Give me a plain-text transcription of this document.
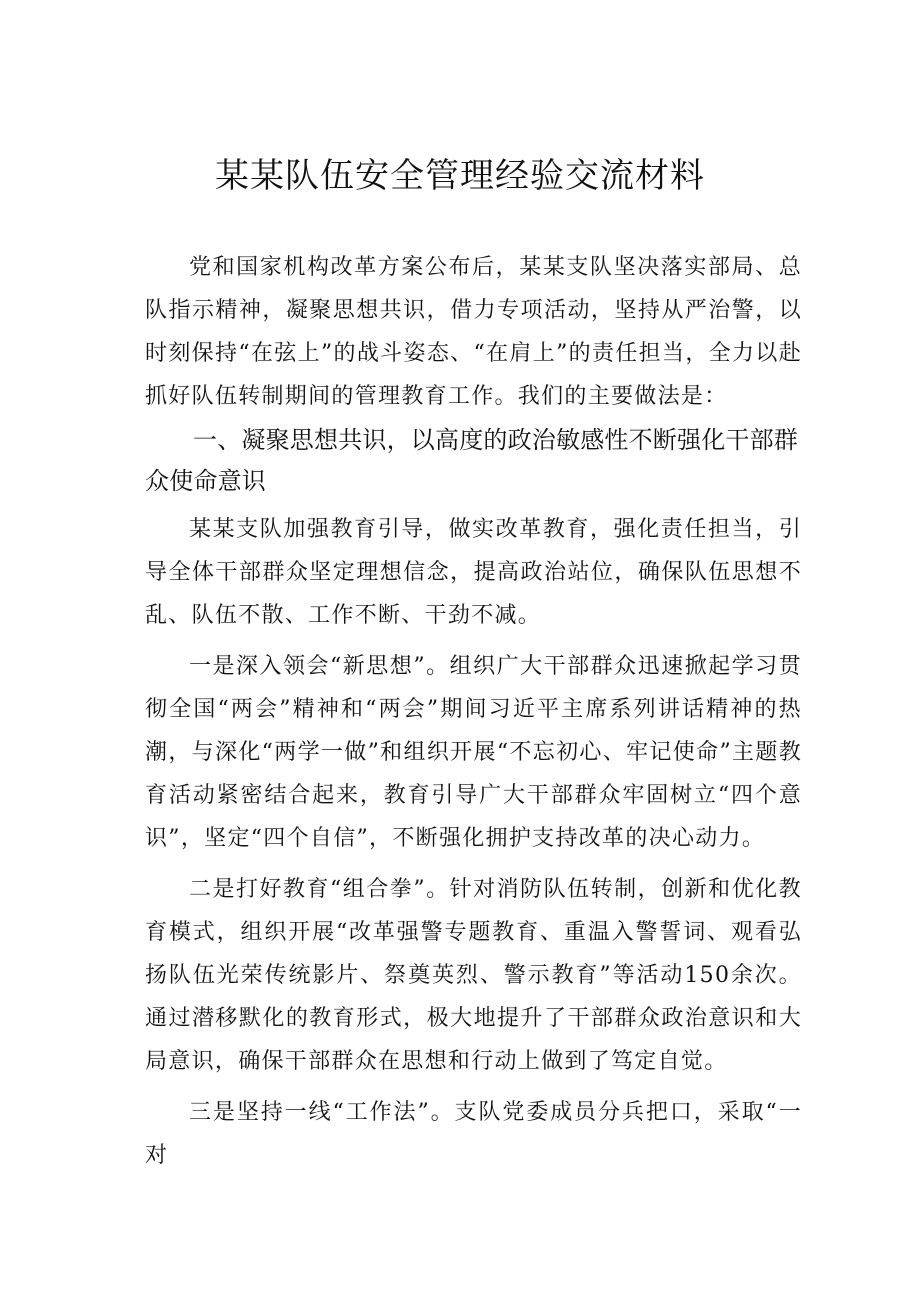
某某队伍安全管理经验交流材料

党和国家机构改革方案公布后，某某支队坚决落实部局、总队指示精神，凝聚思想共识，借力专项活动，坚持从严治警，以时刻保持“在弦上”的战斗姿态、“在肩上”的责任担当，全力以赴抓好队伍转制期间的管理教育工作。我们的主要做法是：

一、凝聚思想共识，以高度的政治敏感性不断强化干部群众使命意识

某某支队加强教育引导，做实改革教育，强化责任担当，引导全体干部群众坚定理想信念，提高政治站位，确保队伍思想不乱、队伍不散、工作不断、干劲不减。

一是深入领会“新思想”。组织广大干部群众迅速掀起学习贯彻全国“两会”精神和“两会”期间习近平主席系列讲话精神的热潮，与深化“两学一做”和组织开展“不忘初心、牢记使命”主题教育活动紧密结合起来，教育引导广大干部群众牢固树立“四个意识”，坚定“四个自信”，不断强化拥护支持改革的决心动力。

二是打好教育“组合拳”。针对消防队伍转制，创新和优化教育模式，组织开展“改革强警专题教育、重温入警誓词、观看弘扬队伍光荣传统影片、祭奠英烈、警示教育”等活动150余次。通过潜移默化的教育形式，极大地提升了干部群众政治意识和大局意识，确保干部群众在思想和行动上做到了笃定自觉。

三是坚持一线“工作法”。支队党委成员分兵把口，采取“一对
